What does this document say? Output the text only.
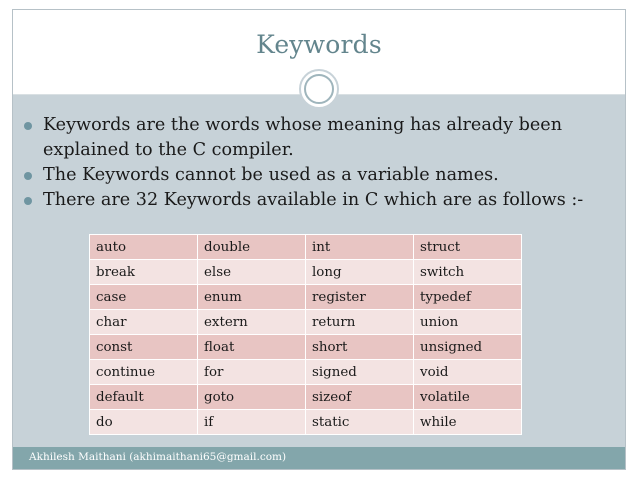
Keywords
Keywords are the words whose meaning has already been explained to the C compiler.
The Keywords cannot be used as a variable names.
There are 32 Keywords available in C which are as follows :-
auto	double	int	struct
break	else	long	switch
case	enum	register	typedef
char	extern	return	union
const	float	short	unsigned
continue	for	signed	void
default	goto	sizeof	volatile
do	if	static	while
Akhilesh Maithani (akhimaithani65@gmail.com)
